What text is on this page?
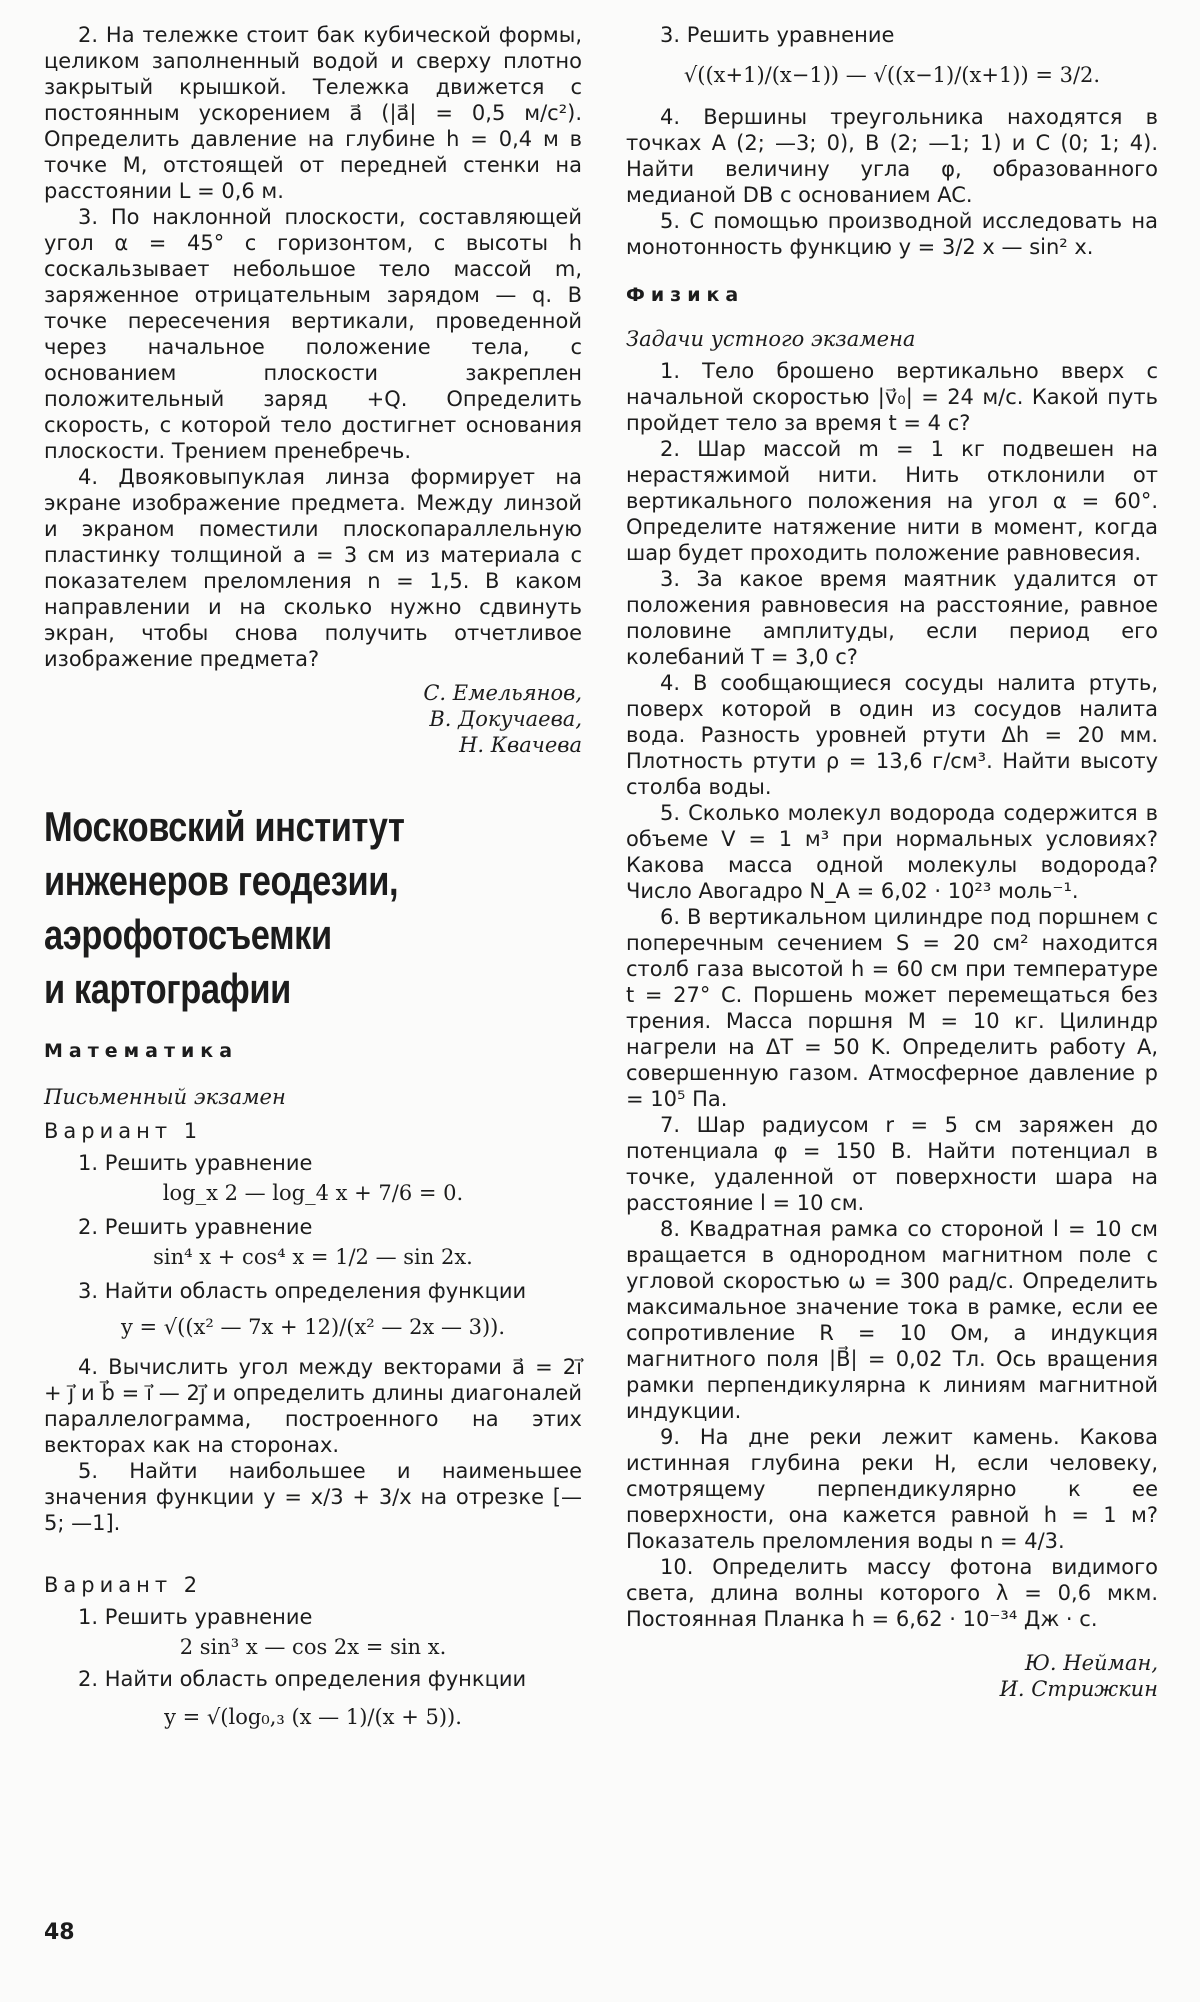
2. На тележке стоит бак кубической формы, целиком заполненный водой и сверху плотно закрытый крышкой. Тележка движется с постоянным ускорением a⃗ (|a⃗| = 0,5 м/с²). Определить давление на глубине h = 0,4 м в точке M, отстоящей от передней стенки на расстоянии L = 0,6 м.

3. По наклонной плоскости, составляющей угол α = 45° с горизонтом, с высоты h соскальзывает небольшое тело массой m, заряженное отрицательным зарядом — q. В точке пересечения вертикали, проведенной через начальное положение тела, с основанием плоскости закреплен положительный заряд +Q. Определить скорость, с которой тело достигнет основания плоскости. Трением пренебречь.

4. Двояковыпуклая линза формирует на экране изображение предмета. Между линзой и экраном поместили плоскопараллельную пластинку толщиной a = 3 см из материала с показателем преломления n = 1,5. В каком направлении и на сколько нужно сдвинуть экран, чтобы снова получить отчетливое изображение предмета?

С. Емельянов,
В. Докучаева,
Н. Квачева
Московский институт
инженеров геодезии,
аэрофотосъемки
и картографии
Математика
Письменный экзамен
Вариант 1

1. Решить уравнение

log_x 2 — log_4 x + 7/6 = 0.

2. Решить уравнение

sin⁴ x + cos⁴ x = 1/2 — sin 2x.

3. Найти область определения функции

y = √((x² — 7x + 12)/(x² — 2x — 3)).

4. Вычислить угол между векторами a⃗ = 2i⃗ + j⃗ и b⃗ = i⃗ — 2j⃗ и определить длины диагоналей параллелограмма, построенного на этих векторах как на сторонах.

5. Найти наибольшее и наименьшее значения функции y = x/3 + 3/x на отрезке [—5; —1].

Вариант 2

1. Решить уравнение

2 sin³ x — cos 2x = sin x.

2. Найти область определения функции

y = √(log₀,₃ (x — 1)/(x + 5)).

3. Решить уравнение

√((x+1)/(x−1)) — √((x−1)/(x+1)) = 3/2.

4. Вершины треугольника находятся в точках A (2; —3; 0), B (2; —1; 1) и C (0; 1; 4). Найти величину угла φ, образованного медианой DB с основанием AC.

5. С помощью производной исследовать на монотонность функцию y = 3/2 x — sin² x.

Физика
Задачи устного экзамена

1. Тело брошено вертикально вверх с начальной скоростью |v⃗₀| = 24 м/с. Какой путь пройдет тело за время t = 4 с?

2. Шар массой m = 1 кг подвешен на нерастяжимой нити. Нить отклонили от вертикального положения на угол α = 60°. Определите натяжение нити в момент, когда шар будет проходить положение равновесия.

3. За какое время маятник удалится от положения равновесия на расстояние, равное половине амплитуды, если период его колебаний T = 3,0 с?

4. В сообщающиеся сосуды налита ртуть, поверх которой в один из сосудов налита вода. Разность уровней ртути Δh = 20 мм. Плотность ртути ρ = 13,6 г/см³. Найти высоту столба воды.

5. Сколько молекул водорода содержится в объеме V = 1 м³ при нормальных условиях? Какова масса одной молекулы водорода? Число Авогадро N_A = 6,02 · 10²³ моль⁻¹.

6. В вертикальном цилиндре под поршнем с поперечным сечением S = 20 см² находится столб газа высотой h = 60 см при температуре t = 27° C. Поршень может перемещаться без трения. Масса поршня M = 10 кг. Цилиндр нагрели на ΔT = 50 K. Определить работу A, совершенную газом. Атмосферное давление p = 10⁵ Па.

7. Шар радиусом r = 5 см заряжен до потенциала φ = 150 В. Найти потенциал в точке, удаленной от поверхности шара на расстояние l = 10 см.

8. Квадратная рамка со стороной l = 10 см вращается в однородном магнитном поле с угловой скоростью ω = 300 рад/с. Определить максимальное значение тока в рамке, если ее сопротивление R = 10 Ом, а индукция магнитного поля |B⃗| = 0,02 Тл. Ось вращения рамки перпендикулярна к линиям магнитной индукции.

9. На дне реки лежит камень. Какова истинная глубина реки H, если человеку, смотрящему перпендикулярно к ее поверхности, она кажется равной h = 1 м? Показатель преломления воды n = 4/3.

10. Определить массу фотона видимого света, длина волны которого λ = 0,6 мкм. Постоянная Планка h = 6,62 · 10⁻³⁴ Дж · с.

Ю. Нейман,
И. Стрижкин
48
